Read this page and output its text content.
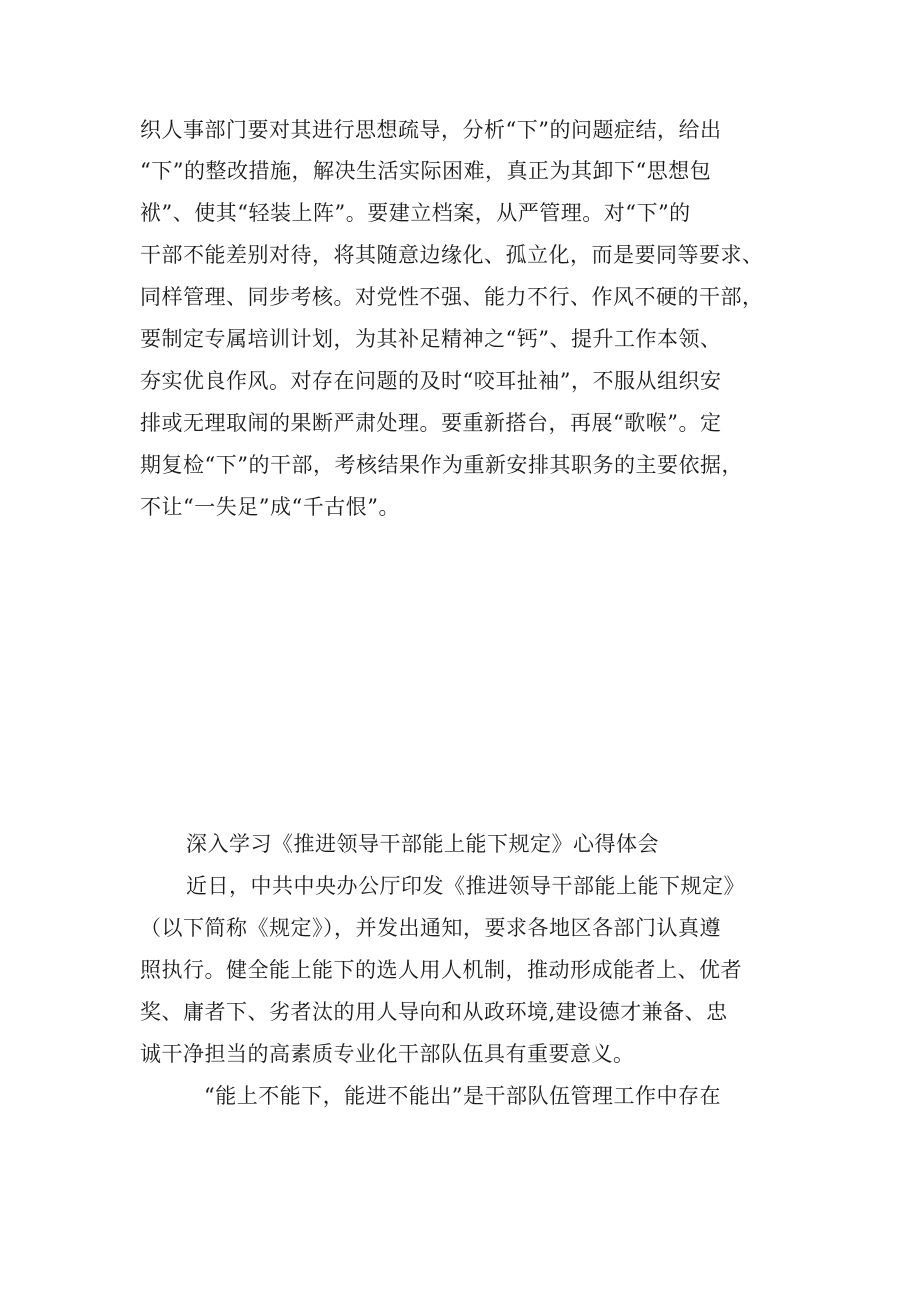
织人事部门要对其进行思想疏导，分析“下”的问题症结，给出
“下”的整改措施，解决生活实际困难，真正为其卸下“思想包
袱”、使其“轻装上阵”。要建立档案，从严管理。对“下”的
干部不能差别对待，将其随意边缘化、孤立化，而是要同等要求、
同样管理、同步考核。对党性不强、能力不行、作风不硬的干部，
要制定专属培训计划，为其补足精神之“钙”、提升工作本领、
夯实优良作风。对存在问题的及时“咬耳扯袖”，不服从组织安
排或无理取闹的果断严肃处理。要重新搭台，再展“歌喉”。定
期复检“下”的干部，考核结果作为重新安排其职务的主要依据，
不让“一失足”成“千古恨”。
深入学习《推进领导干部能上能下规定》心得体会
近日，中共中央办公厅印发《推进领导干部能上能下规定》
（以下简称《规定》），并发出通知，要求各地区各部门认真遵
照执行。健全能上能下的选人用人机制，推动形成能者上、优者
奖、庸者下、劣者汰的用人导向和从政环境,建设德才兼备、忠
诚干净担当的高素质专业化干部队伍具有重要意义。
“能上不能下，能进不能出”是干部队伍管理工作中存在
